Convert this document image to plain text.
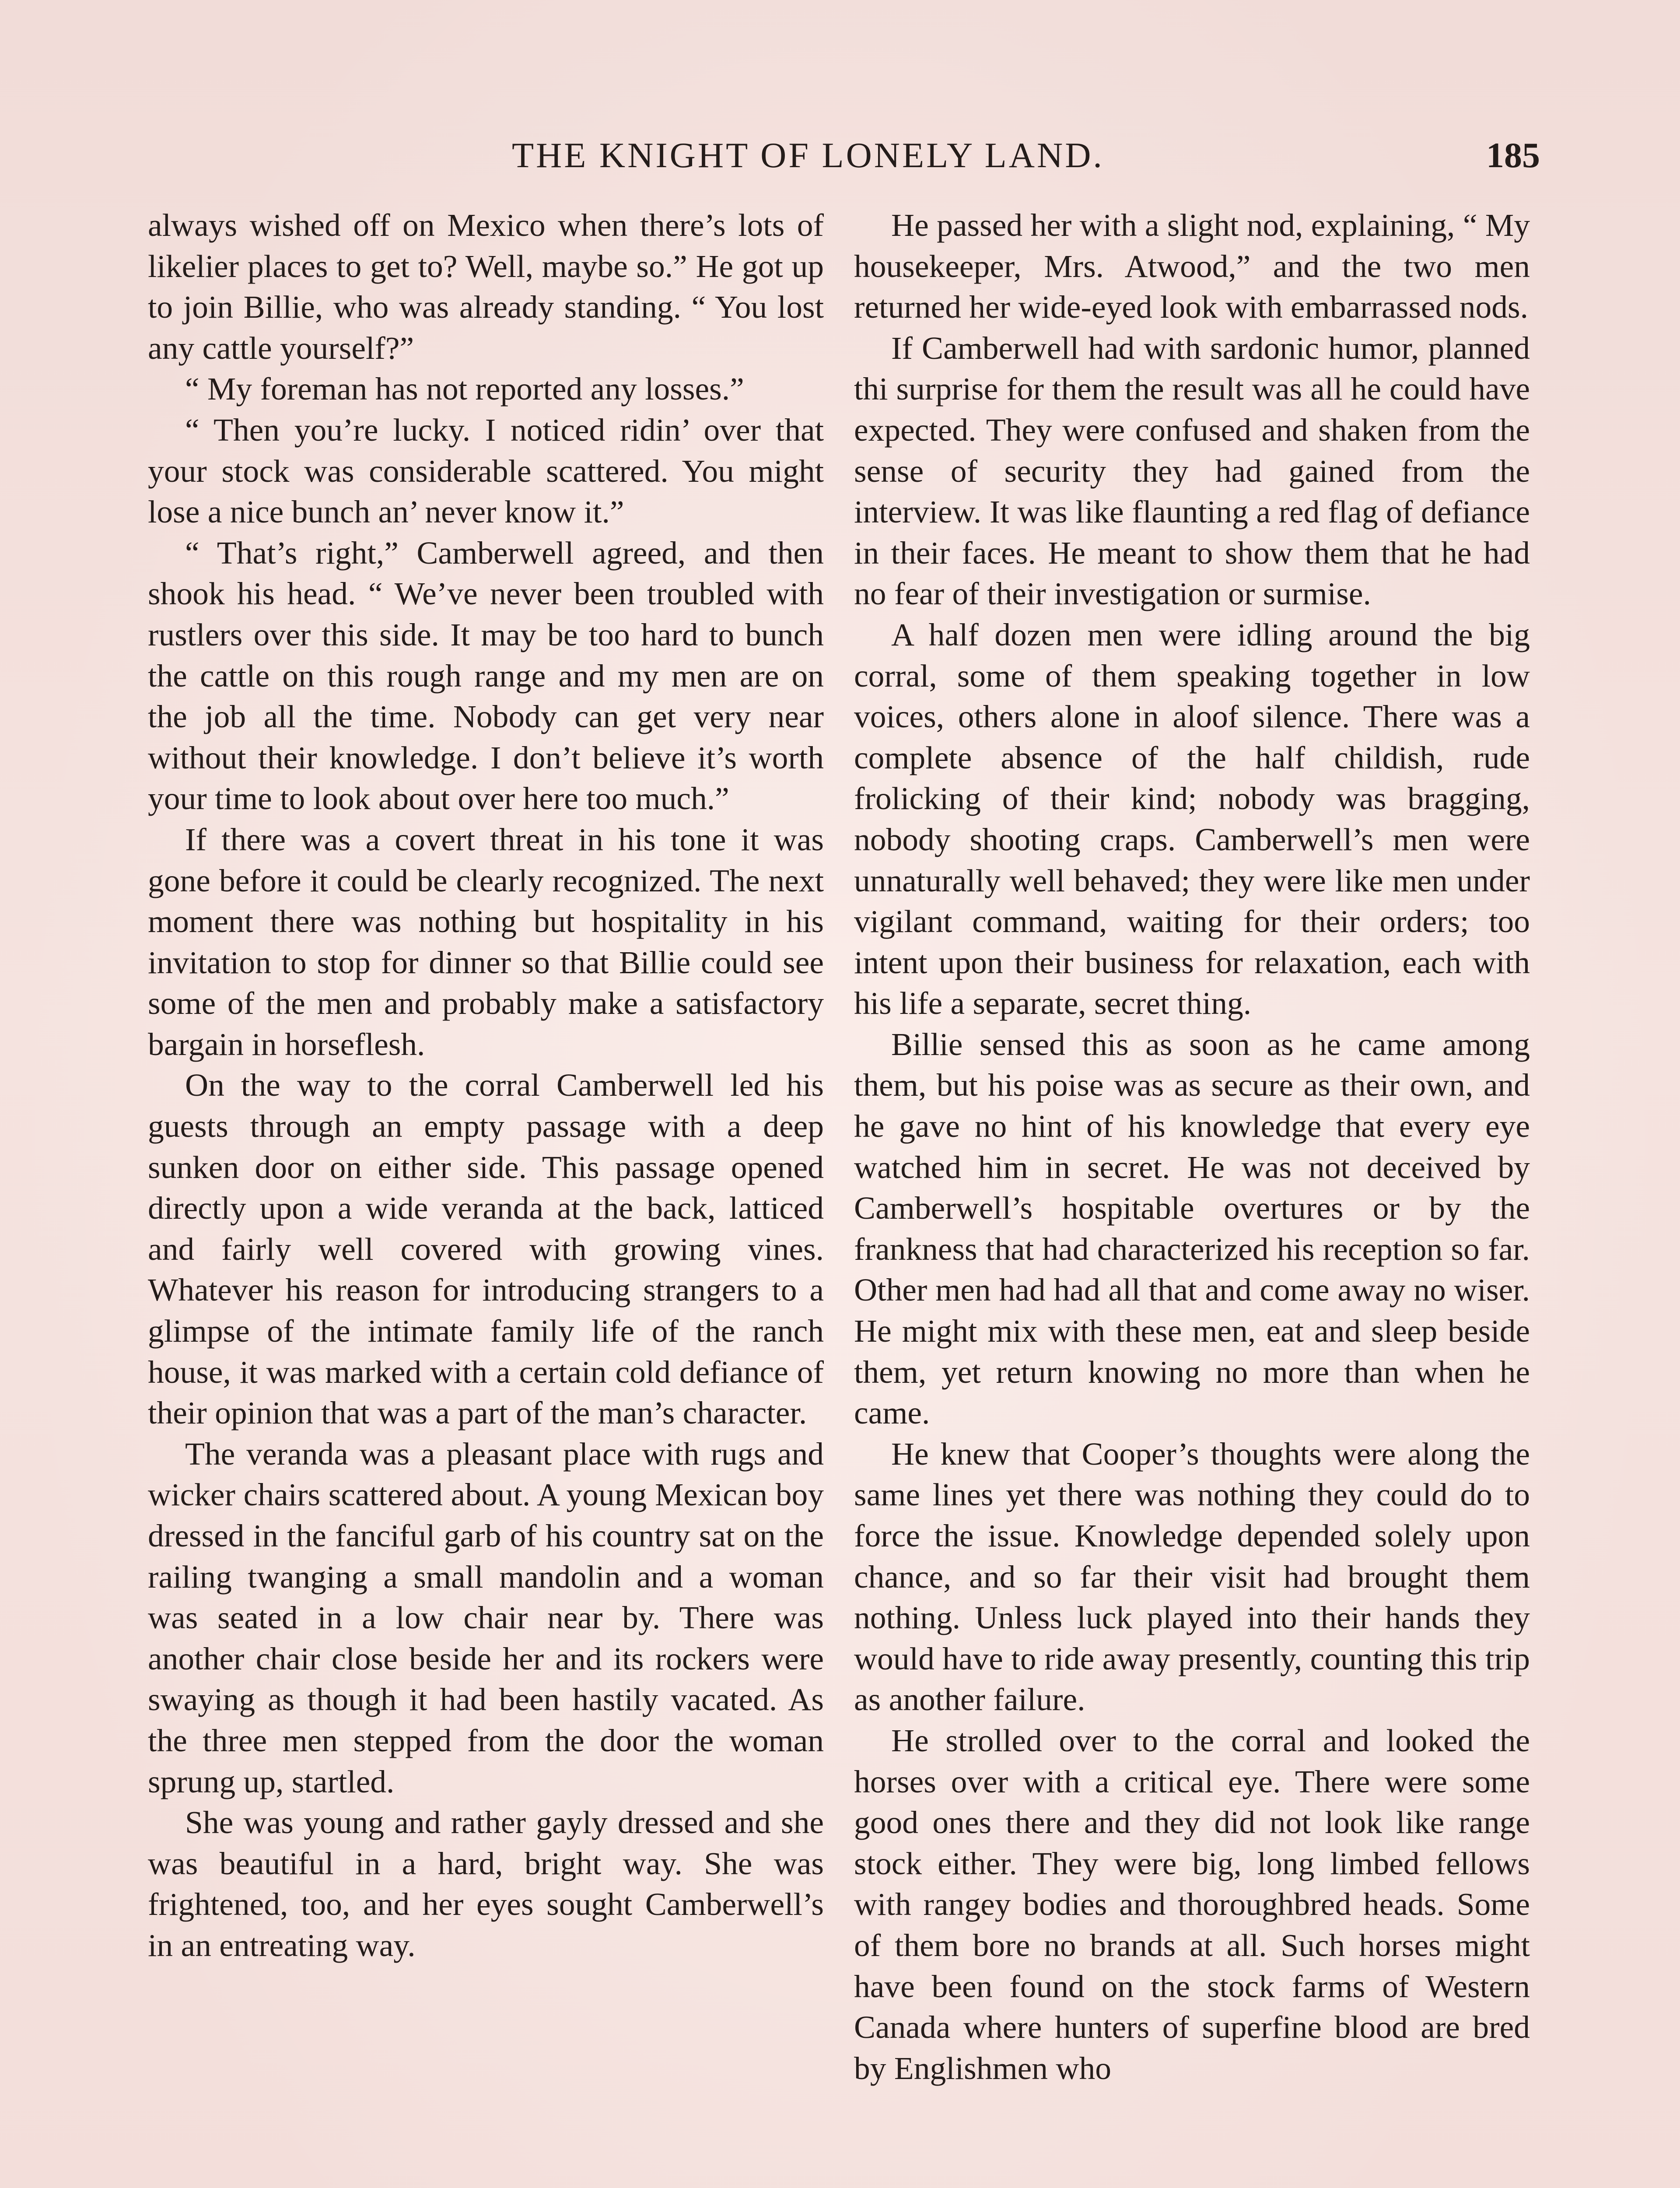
THE KNIGHT OF LONELY LAND.	185

always wished off on Mexico when there’s lots of likelier places to get to? Well, maybe so.” He got up to join Billie, who was already standing. “ You lost any cattle yourself?”

“ My foreman has not reported any losses.”

“ Then you’re lucky. I noticed ridin’ over that your stock was considerable scattered. You might lose a nice bunch an’ never know it.”

“ That’s right,” Camberwell agreed, and then shook his head. “ We’ve never been troubled with rustlers over this side. It may be too hard to bunch the cattle on this rough range and my men are on the job all the time. Nobody can get very near without their knowledge. I don’t believe it’s worth your time to look about over here too much.”

If there was a covert threat in his tone it was gone before it could be clearly recognized. The next moment there was nothing but hospitality in his invitation to stop for dinner so that Billie could see some of the men and probably make a satisfactory bargain in horseflesh.

On the way to the corral Camberwell led his guests through an empty passage with a deep sunken door on either side. This passage opened directly upon a wide veranda at the back, latticed and fairly well covered with growing vines. Whatever his reason for introducing strangers to a glimpse of the intimate family life of the ranch house, it was marked with a certain cold defiance of their opinion that was a part of the man’s character.

The veranda was a pleasant place with rugs and wicker chairs scattered about. A young Mexican boy dressed in the fanciful garb of his country sat on the railing twanging a small mandolin and a woman was seated in a low chair near by. There was another chair close beside her and its rockers were swaying as though it had been hastily vacated. As the three men stepped from the door the woman sprung up, startled.

She was young and rather gayly dressed and she was beautiful in a hard, bright way. She was frightened, too, and her eyes sought Camberwell’s in an entreating way.

He passed her with a slight nod, explaining, “ My housekeeper, Mrs. Atwood,” and the two men returned her wide-eyed look with embarrassed nods.

If Camberwell had with sardonic humor, planned thi surprise for them the result was all he could have expected. They were confused and shaken from the sense of security they had gained from the interview. It was like flaunting a red flag of defiance in their faces. He meant to show them that he had no fear of their investigation or surmise.

A half dozen men were idling around the big corral, some of them speaking together in low voices, others alone in aloof silence. There was a complete absence of the half childish, rude frolicking of their kind; nobody was bragging, nobody shooting craps. Camberwell’s men were unnaturally well behaved; they were like men under vigilant command, waiting for their orders; too intent upon their business for relaxation, each with his life a separate, secret thing.

Billie sensed this as soon as he came among them, but his poise was as secure as their own, and he gave no hint of his knowledge that every eye watched him in secret. He was not deceived by Camberwell’s hospitable overtures or by the frankness that had characterized his reception so far. Other men had had all that and come away no wiser. He might mix with these men, eat and sleep beside them, yet return knowing no more than when he came.

He knew that Cooper’s thoughts were along the same lines yet there was nothing they could do to force the issue. Knowledge depended solely upon chance, and so far their visit had brought them nothing. Unless luck played into their hands they would have to ride away presently, counting this trip as another failure.

He strolled over to the corral and looked the horses over with a critical eye. There were some good ones there and they did not look like range stock either. They were big, long limbed fellows with rangey bodies and thoroughbred heads. Some of them bore no brands at all. Such horses might have been found on the stock farms of Western Canada where hunters of superfine blood are bred by Englishmen who
